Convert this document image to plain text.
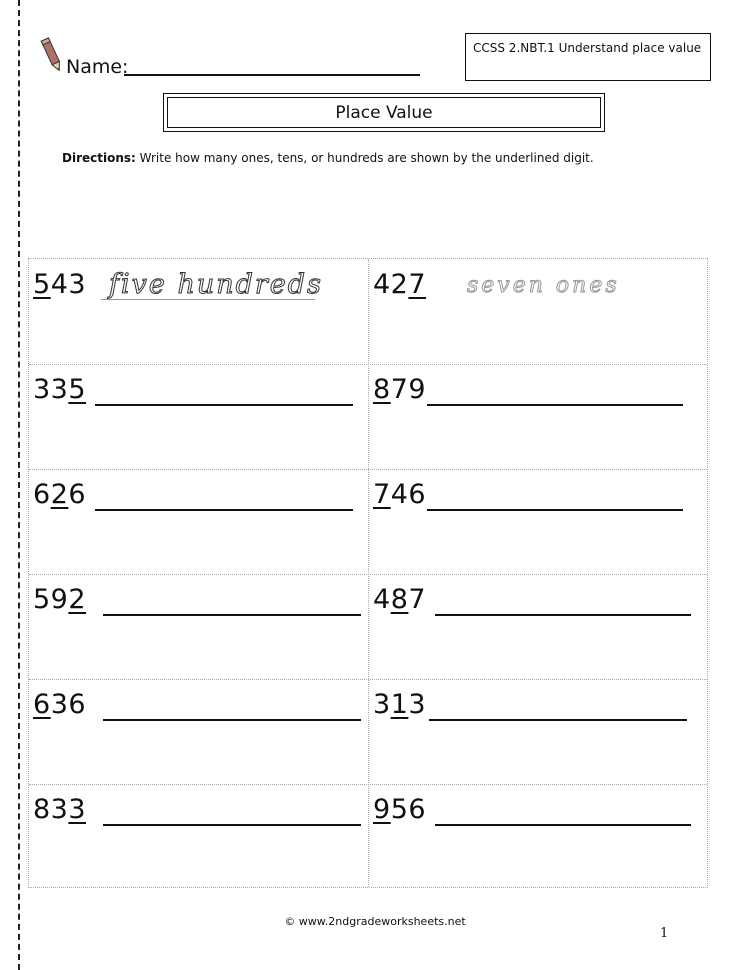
Name:
CCSS 2.NBT.1 Understand place value
Place Value
Directions: Write how many ones, tens, or hundreds are shown by the underlined digit.
543 five hundreds 427 seven ones
335	879
626	746
592	487
636	313
833	956
© www.2ndgradeworksheets.net
1
